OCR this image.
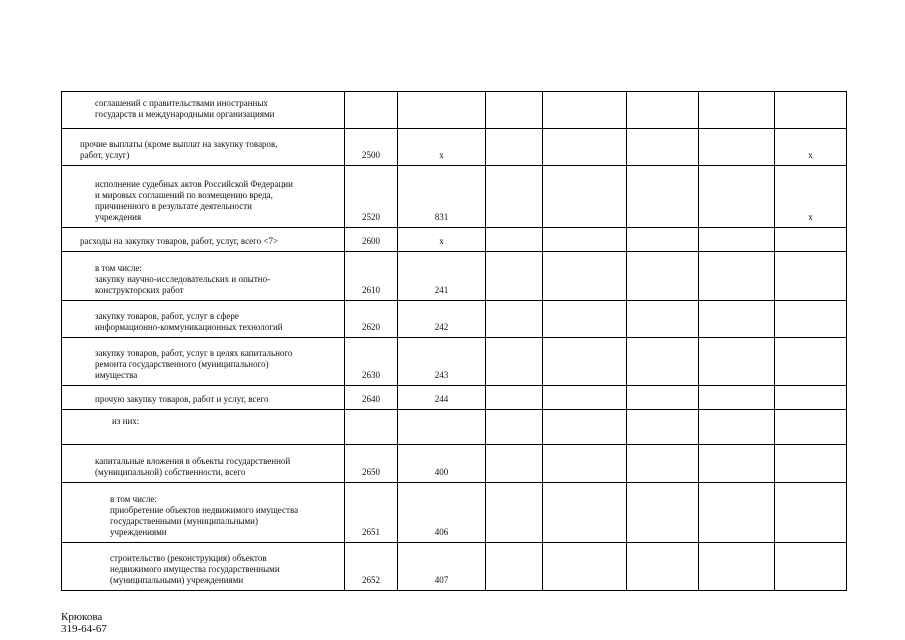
соглашений с правительствами иностранных
государств и международными организациями							

прочие выплаты (кроме выплат на закупку товаров,
работ, услуг)	2500	x					x

исполнение судебных актов Российской Федерации
и мировых соглашений по возмещению вреда,
причиненного в результате деятельности
учреждения	2520	831					x

расходы на закупку товаров, работ, услуг, всего <7>	2600	x					

в том числе:
закупку научно-исследовательских и опытно-
конструкторских работ	2610	241					

закупку товаров, работ, услуг в сфере
информационно-коммуникационных технологий	2620	242					

закупку товаров, работ, услуг в целях капитального
ремонта государственного (муниципального)
имущества	2630	243					

прочую закупку товаров, работ и услуг, всего	2640	244					

из них:							

капитальные вложения в объекты государственной
(муниципальной) собственности, всего	2650	400					

в том числе:
приобретение объектов недвижимого имущества
государственными (муниципальными)
учреждениями	2651	406					

строительство (реконструкция) объектов
недвижимого имущества государственными
(муниципальными) учреждениями	2652	407					
Крюкова
319-64-67
